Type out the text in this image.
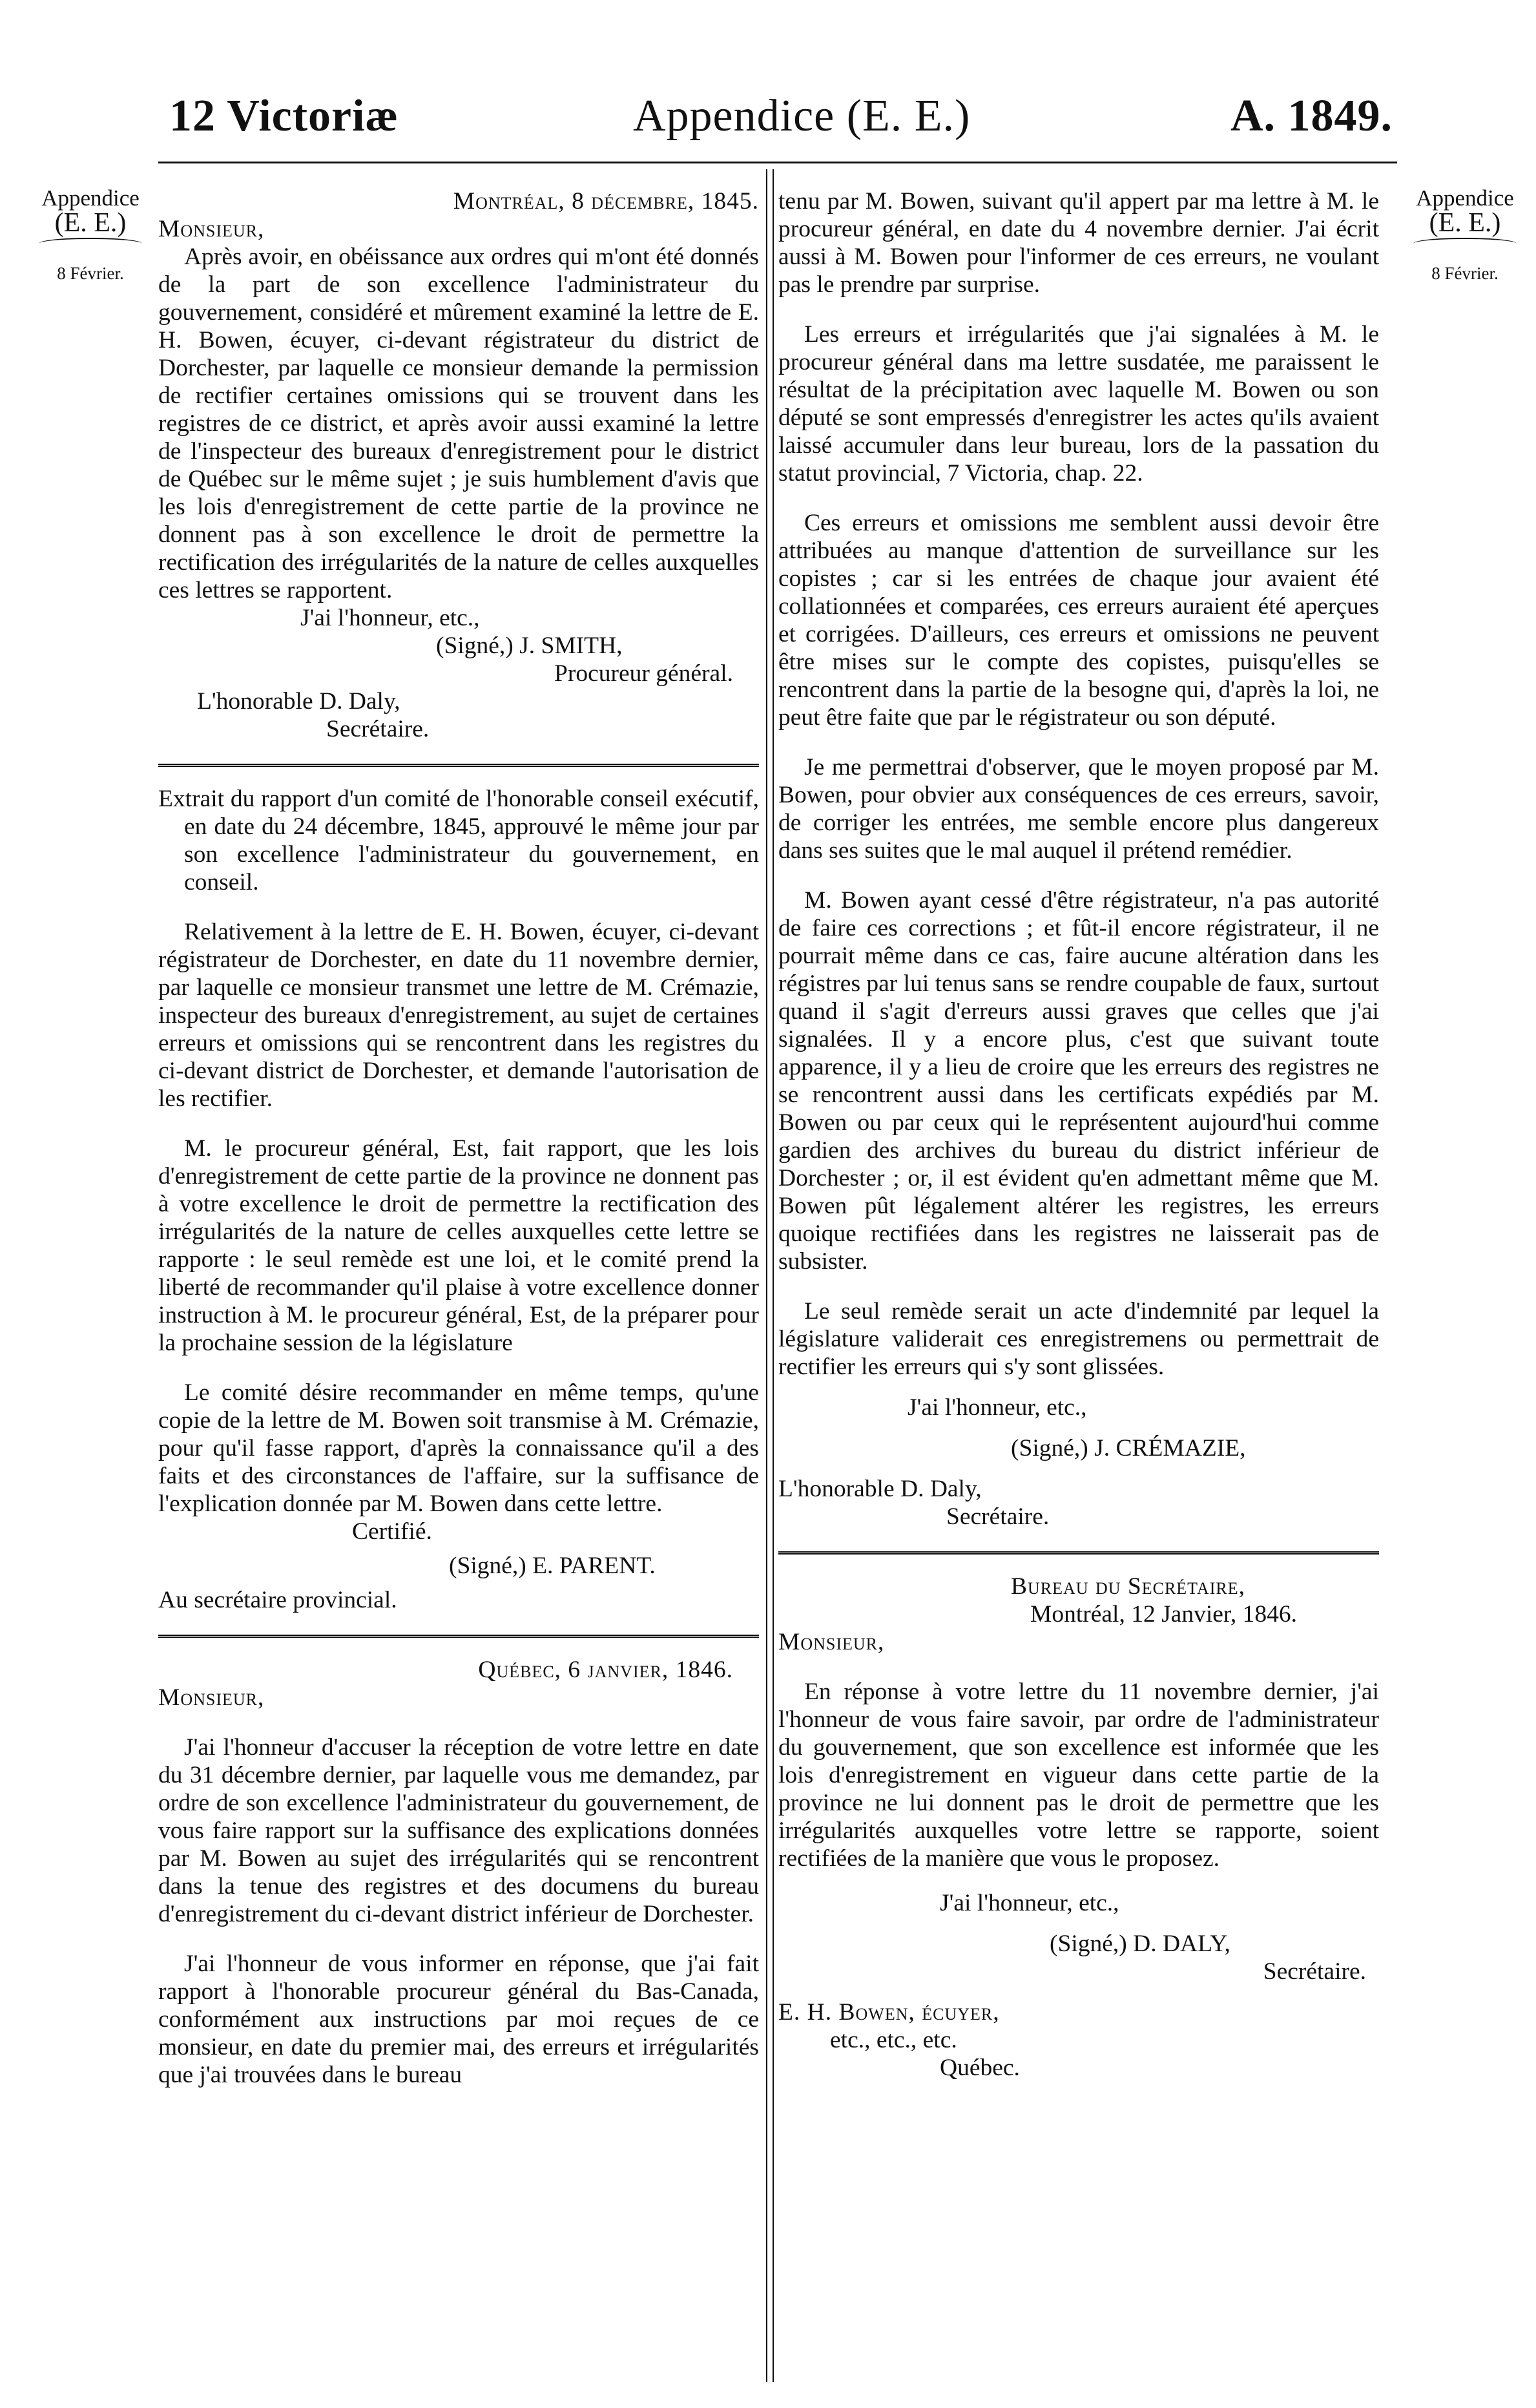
12 Victoriæ	Appendice (E. E.)	A. 1849.
Appendice
(E. E.)
8 Février.
Appendice
(E. E.)
8 Février.

Montréal, 8 décembre, 1845.

Monsieur,

Après avoir, en obéissance aux ordres qui m'ont été donnés de la part de son excellence l'administrateur du gouvernement, considéré et mûrement examiné la lettre de E. H. Bowen, écuyer, ci-devant régistrateur du district de Dorchester, par laquelle ce monsieur demande la permission de rectifier certaines omissions qui se trouvent dans les registres de ce district, et après avoir aussi examiné la lettre de l'inspecteur des bureaux d'enregistrement pour le district de Québec sur le même sujet ; je suis humblement d'avis que les lois d'enregistrement de cette partie de la province ne donnent pas à son excellence le droit de permettre la rectification des irrégularités de la nature de celles auxquelles ces lettres se rapportent.

J'ai l'honneur, etc.,

(Signé,) J. SMITH,

Procureur général.

L'honorable D. Daly,

Secrétaire.

Extrait du rapport d'un comité de l'honorable conseil exécutif, en date du 24 décembre, 1845, approuvé le même jour par son excellence l'administrateur du gouvernement, en conseil.

Relativement à la lettre de E. H. Bowen, écuyer, ci-devant régistrateur de Dorchester, en date du 11 novembre dernier, par laquelle ce monsieur transmet une lettre de M. Crémazie, inspecteur des bureaux d'enregistrement, au sujet de certaines erreurs et omissions qui se rencontrent dans les registres du ci-devant district de Dorchester, et demande l'autorisation de les rectifier.

M. le procureur général, Est, fait rapport, que les lois d'enregistrement de cette partie de la province ne donnent pas à votre excellence le droit de permettre la rectification des irrégularités de la nature de celles auxquelles cette lettre se rapporte : le seul remède est une loi, et le comité prend la liberté de recommander qu'il plaise à votre excellence donner instruction à M. le procureur général, Est, de la préparer pour la prochaine session de la législature

Le comité désire recommander en même temps, qu'une copie de la lettre de M. Bowen soit transmise à M. Crémazie, pour qu'il fasse rapport, d'après la connaissance qu'il a des faits et des circonstances de l'affaire, sur la suffisance de l'explication donnée par M. Bowen dans cette lettre.

Certifié.

(Signé,) E. PARENT.

Au secrétaire provincial.

Québec, 6 janvier, 1846.

Monsieur,

J'ai l'honneur d'accuser la réception de votre lettre en date du 31 décembre dernier, par laquelle vous me demandez, par ordre de son excellence l'administrateur du gouvernement, de vous faire rapport sur la suffisance des explications données par M. Bowen au sujet des irrégularités qui se rencontrent dans la tenue des registres et des documens du bureau d'enregistrement du ci-devant district inférieur de Dorchester.

J'ai l'honneur de vous informer en réponse, que j'ai fait rapport à l'honorable procureur général du Bas-Canada, conformément aux instructions par moi reçues de ce monsieur, en date du premier mai, des erreurs et irrégularités que j'ai trouvées dans le bureau

tenu par M. Bowen, suivant qu'il appert par ma lettre à M. le procureur général, en date du 4 novembre dernier. J'ai écrit aussi à M. Bowen pour l'informer de ces erreurs, ne voulant pas le prendre par surprise.

Les erreurs et irrégularités que j'ai signalées à M. le procureur général dans ma lettre susdatée, me paraissent le résultat de la précipitation avec laquelle M. Bowen ou son député se sont empressés d'enregistrer les actes qu'ils avaient laissé accumuler dans leur bureau, lors de la passation du statut provincial, 7 Victoria, chap. 22.

Ces erreurs et omissions me semblent aussi devoir être attribuées au manque d'attention de surveillance sur les copistes ; car si les entrées de chaque jour avaient été collationnées et comparées, ces erreurs auraient été aperçues et corrigées. D'ailleurs, ces erreurs et omissions ne peuvent être mises sur le compte des copistes, puisqu'elles se rencontrent dans la partie de la besogne qui, d'après la loi, ne peut être faite que par le régistrateur ou son député.

Je me permettrai d'observer, que le moyen proposé par M. Bowen, pour obvier aux conséquences de ces erreurs, savoir, de corriger les entrées, me semble encore plus dangereux dans ses suites que le mal auquel il prétend remédier.

M. Bowen ayant cessé d'être régistrateur, n'a pas autorité de faire ces corrections ; et fût-il encore régistrateur, il ne pourrait même dans ce cas, faire aucune altération dans les régistres par lui tenus sans se rendre coupable de faux, surtout quand il s'agit d'erreurs aussi graves que celles que j'ai signalées. Il y a encore plus, c'est que suivant toute apparence, il y a lieu de croire que les erreurs des registres ne se rencontrent aussi dans les certificats expédiés par M. Bowen ou par ceux qui le représentent aujourd'hui comme gardien des archives du bureau du district inférieur de Dorchester ; or, il est évident qu'en admettant même que M. Bowen pût légalement altérer les registres, les erreurs quoique rectifiées dans les registres ne laisserait pas de subsister.

Le seul remède serait un acte d'indemnité par lequel la législature validerait ces enregistremens ou permettrait de rectifier les erreurs qui s'y sont glissées.

J'ai l'honneur, etc.,

(Signé,) J. CRÉMAZIE,

L'honorable D. Daly,

Secrétaire.

Bureau du Secrétaire,

Montréal, 12 Janvier, 1846.

Monsieur,

En réponse à votre lettre du 11 novembre dernier, j'ai l'honneur de vous faire savoir, par ordre de l'administrateur du gouvernement, que son excellence est informée que les lois d'enregistrement en vigueur dans cette partie de la province ne lui donnent pas le droit de permettre que les irrégularités auxquelles votre lettre se rapporte, soient rectifiées de la manière que vous le proposez.

J'ai l'honneur, etc.,

(Signé,) D. DALY,

Secrétaire.

E. H. Bowen, écuyer,

etc., etc., etc.

Québec.
